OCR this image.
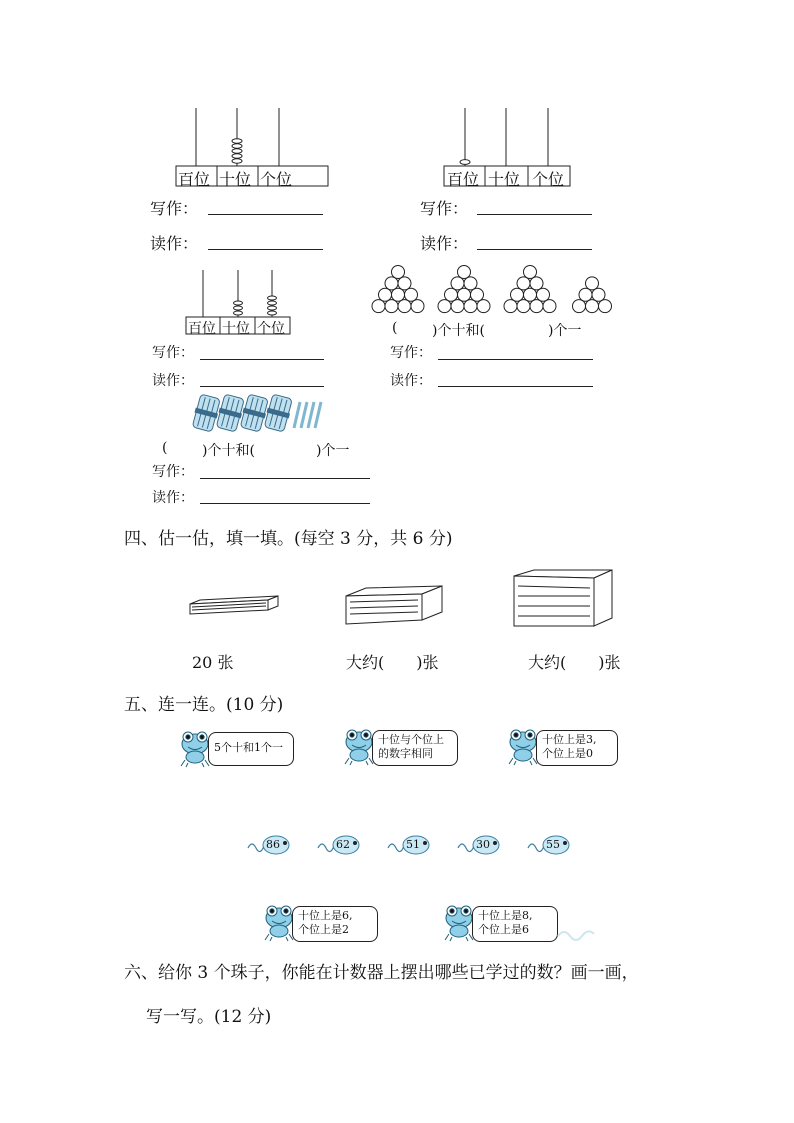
百位 十位 个位
写作：
读作：
百位 十位 个位
写作：
读作：
百位 十位 个位
写作：
读作：
( )个十和(	)个一
写作：
读作：
( )个十和(	)个一
写作：
读作：
四、估一估，填一填。(每空 3 分，共 6 分)
20 张	大约(　　)张	大约(　　)张
五、连一连。(10 分)
5个十和1个一
十位与个位上
的数字相同
十位上是3,
个位上是0
86	62	51	30	55
十位上是6,
个位上是2
十位上是8,
个位上是6
六、给你 3 个珠子，你能在计数器上摆出哪些已学过的数？画一画，
写一写。(12 分)
